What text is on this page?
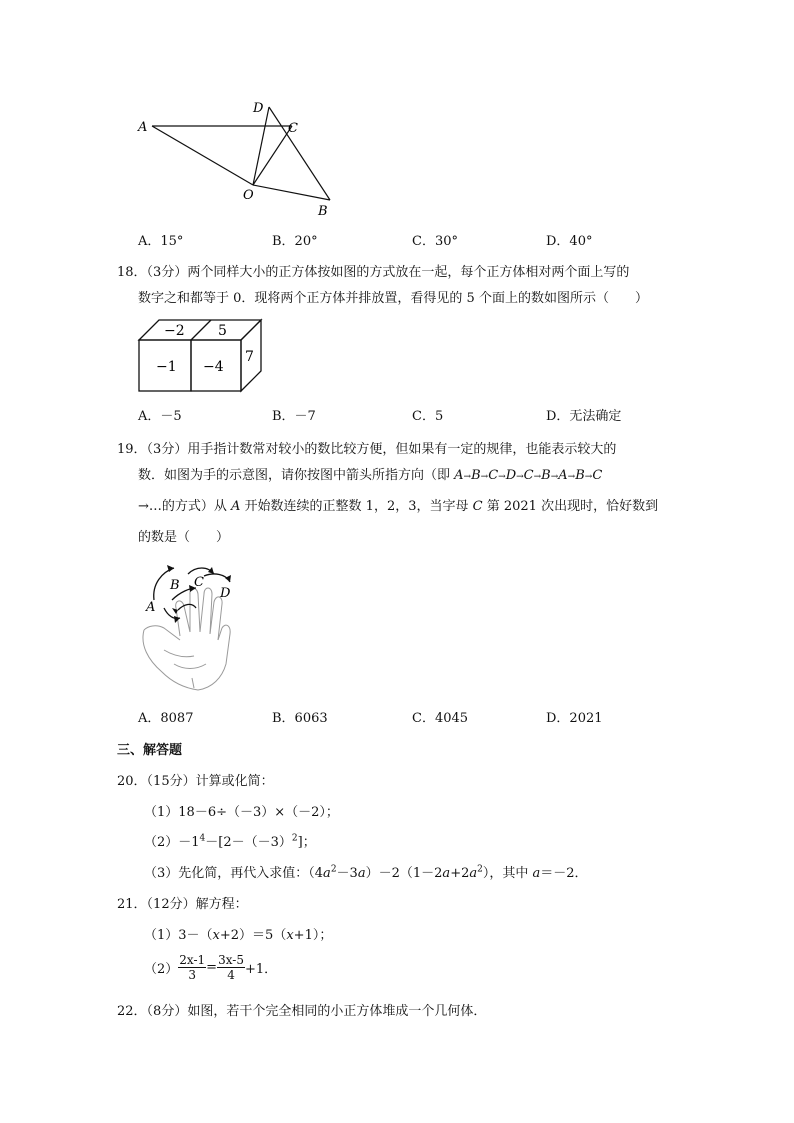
A
D
C
O
B
A．15°	B．20°	C．30°	D．40°
18．（3分）两个同样大小的正方体按如图的方式放在一起，每个正方体相对两个面上写的
数字之和都等于 0．现将两个正方体并排放置，看得见的 5 个面上的数如图所示（　　）
−2 5
−1 −4
7
A．－5	B．－7	C．5	D．无法确定
19．（3分）用手指计数常对较小的数比较方便，但如果有一定的规律，也能表示较大的
数．如图为手的示意图，请你按图中箭头所指方向（即 A→B→C→D→C→B→A→B→C
→…的方式）从 A 开始数连续的正整数 1，2，3，当字母 C 第 2021 次出现时，恰好数到
的数是（　　）
A
B C
D
A．8087	B．6063	C．4045	D．2021
三、解答题
20．（15分）计算或化简：
（1）18－6÷（－3）×（－2）；
$(2)-1^4-[2-(-3)^2]$；
（3）先化简，再代入求值：$(4a^2-3a)-2(1-2a+2a^2)$，其中 a＝－2．
21．（12分）解方程：
（1）3－（x+2）＝5（x+1）；
$(2) \frac{2x-1}{3} = \frac{3x-5}{4} +1$．
22．（8分）如图，若干个完全相同的小正方体堆成一个几何体．
